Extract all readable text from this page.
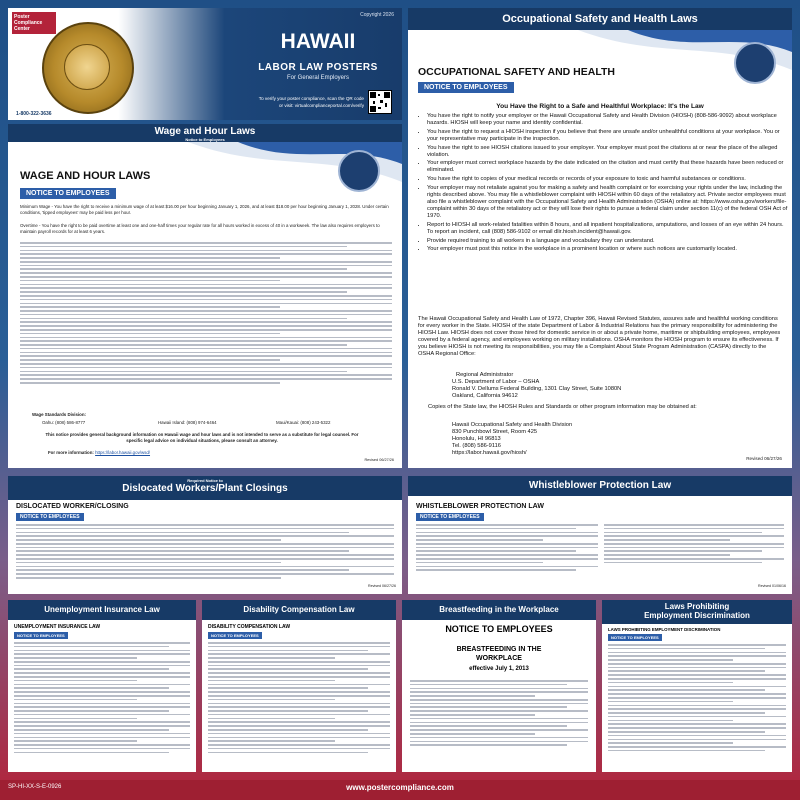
Poster Compliance Center
Copyright 2026
HAWAII
LABOR LAW POSTERS
For General Employers
1-800-322-3636
To verify your poster compliance, scan the QR code
or visit: virtualcomplianceportal.com/verify
Wage and Hour Laws
Notice to Employees
WAGE AND HOUR LAWS
NOTICE TO EMPLOYEES
Minimum Wage - You have the right to receive a minimum wage of at least $16.00 per hour beginning January 1, 2026, and at least $18.00 per hour beginning January 1, 2028. Under certain conditions, 'tipped employees' may be paid less per hour.
Overtime - You have the right to be paid overtime at least one and one-half times your regular rate for all hours worked in excess of 40 in a workweek. The law also requires employers to maintain payroll records for at least 6 years.
Wage Standards Division:
Oahu: (808) 586-8777	Hawaii Island: (808) 974-6464	Maui/Kauai: (808) 243-5322
This notice provides general background information on Hawaii wage and hour laws and is not intended to serve as a substitute for legal counsel. For specific legal advice on individual situations, please consult an attorney.
For more information: https://labor.hawaii.gov/wsd/
Revised 06/27/26
Occupational Safety and Health Laws
OCCUPATIONAL SAFETY AND HEALTH
NOTICE TO EMPLOYEES
You Have the Right to a Safe and Healthful Workplace: It's the Law
• You have the right to notify your employer or the Hawaii Occupational Safety and Health Division (HIOSH) (808-586-9092) about workplace hazards. HIOSH will keep your name and identity confidential.
• You have the right to request a HIOSH inspection if you believe that there are unsafe and/or unhealthful conditions at your workplace. You or your representative may participate in the inspection.
• You have the right to see HIOSH citations issued to your employer. Your employer must post the citations at or near the place of the alleged violation.
• Your employer must correct workplace hazards by the date indicated on the citation and must certify that these hazards have been reduced or eliminated.
• You have the right to copies of your medical records or records of your exposure to toxic and harmful substances or conditions.
• Your employer may not retaliate against you for making a safety and health complaint or for exercising your rights under the law, including the rights described above. You may file a whistleblower complaint with HIOSH within 60 days of the retaliatory act. Private sector employees must also file a whistleblower complaint with the Occupational Safety and Health Administration (OSHA) online at: https://www.osha.gov/workers/file-complaint within 30 days of the retaliatory act or they will lose their rights to pursue a federal claim under section 11(c) of the federal OSH Act of 1970.
• Report to HIOSH all work-related fatalities within 8 hours, and all inpatient hospitalizations, amputations, and losses of an eye within 24 hours. To report an incident, call (808) 586-9102 or email dlir.hiosh.incident@hawaii.gov.
• Provide required training to all workers in a language and vocabulary they can understand.
• Your employer must post this notice in the workplace in a prominent location or where such notices are customarily located.
The Hawaii Occupational Safety and Health Law of 1972, Chapter 396, Hawaii Revised Statutes, assures safe and healthful working conditions for every worker in the State. HIOSH of the state Department of Labor & Industrial Relations has the primary responsibility for administering the HIOSH Law. HIOSH does not cover those hired for domestic service in or about a private home, maritime or shipbuilding employees, employees covered by a federal agency, and employees working on military installations. OSHA monitors the HIOSH program to ensure its effectiveness. If you believe HIOSH is not meeting its responsibilities, you may file a Complaint About State Program Administration (CASPA) directly to the OSHA Regional Office:
Regional Administrator
U.S. Department of Labor – OSHA
Ronald V. Dellums Federal Building, 1301 Clay Street, Suite 1080N
Oakland, California 94612
Copies of the State law, the HIOSH Rules and Standards or other program information may be obtained at:
Hawaii Occupational Safety and Health Division
830 Punchbowl Street, Room 425
Honolulu, HI 96813
Tel. (808) 586-9116
https://labor.hawaii.gov/hiosh/
Revised 06/27/26
Required Notice to
Dislocated Workers/Plant Closings
DISLOCATED WORKER/CLOSING
NOTICE TO EMPLOYEES
Revised 06/27/26
Whistleblower Protection Law
WHISTLEBLOWER PROTECTION LAW
NOTICE TO EMPLOYEES
Revised 01/06/16
Unemployment Insurance Law
UNEMPLOYMENT INSURANCE LAW
NOTICE TO EMPLOYEES
Disability Compensation Law
DISABILITY COMPENSATION LAW
NOTICE TO EMPLOYEES
Breastfeeding in the Workplace
NOTICE TO EMPLOYEES
BREASTFEEDING IN THE
WORKPLACE
effective July 1, 2013
Laws Prohibiting
Employment Discrimination
LAWS PROHIBITING EMPLOYMENT DISCRIMINATION
NOTICE TO EMPLOYEES
SP-HI-XX-S-E-0926	www.postercompliance.com
